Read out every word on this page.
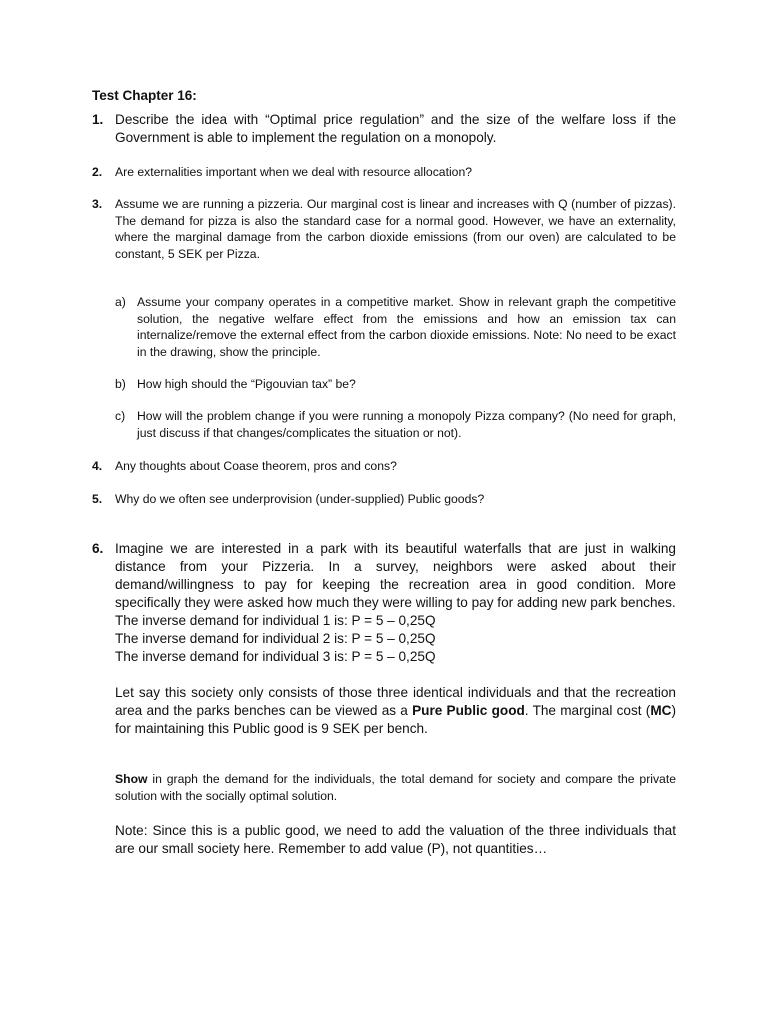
Test Chapter 16:
1. Describe the idea with “Optimal price regulation” and the size of the welfare loss if the Government is able to implement the regulation on a monopoly.
2.	Are externalities important when we deal with resource allocation?
3.	Assume we are running a pizzeria. Our marginal cost is linear and increases with Q (number of pizzas). The demand for pizza is also the standard case for a normal good. However, we have an externality, where the marginal damage from the carbon dioxide emissions (from our oven) are calculated to be constant, 5 SEK per Pizza.
a) Assume your company operates in a competitive market. Show in relevant graph the competitive solution, the negative welfare effect from the emissions and how an emission tax can internalize/remove the external effect from the carbon dioxide emissions. Note: No need to be exact in the drawing, show the principle.
b) How high should the “Pigouvian tax” be?
c) How will the problem change if you were running a monopoly Pizza company? (No need for graph, just discuss if that changes/complicates the situation or not).
4.	Any thoughts about Coase theorem, pros and cons?
5.	Why do we often see underprovision (under-supplied) Public goods?
6. Imagine we are interested in a park with its beautiful waterfalls that are just in walking distance from your Pizzeria. In a survey, neighbors were asked about their demand/willingness to pay for keeping the recreation area in good condition. More specifically they were asked how much they were willing to pay for adding new park benches.

The inverse demand for individual 1 is: P = 5 – 0,25Q
The inverse demand for individual 2 is: P = 5 – 0,25Q
The inverse demand for individual 3 is: P = 5 – 0,25Q

Let say this society only consists of those three identical individuals and that the recreation area and the parks benches can be viewed as a Pure Public good. The marginal cost (MC) for maintaining this Public good is 9 SEK per bench.

Show in graph the demand for the individuals, the total demand for society and compare the private solution with the socially optimal solution.
Note: Since this is a public good, we need to add the valuation of the three individuals that are our small society here. Remember to add value (P), not quantities…
